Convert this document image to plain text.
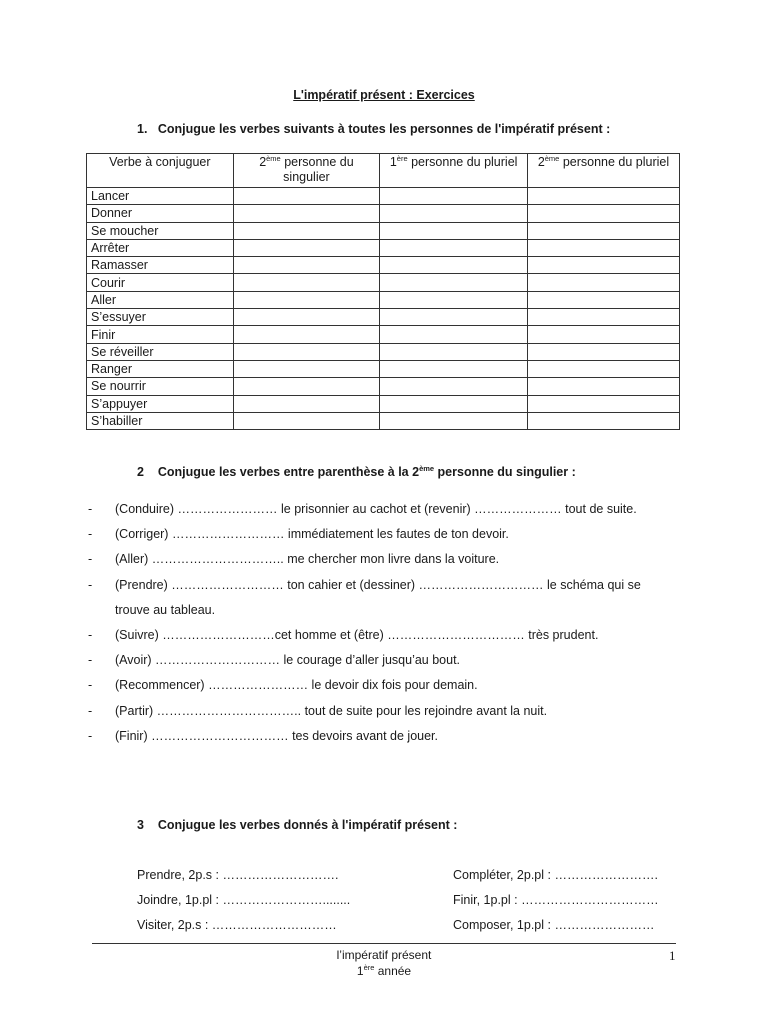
L'impératif présent : Exercices
1.   Conjugue les verbes suivants à toutes les personnes de l'impératif présent :
Verbe à conjuguer	2ème personne du singulier	1ère personne du pluriel	2ème personne du pluriel
Lancer			
Donner			
Se moucher			
Arrêter			
Ramasser			
Courir			
Aller			
S’essuyer			
Finir			
Se réveiller			
Ranger			
Se nourrir			
S’appuyer			
S’habiller			
2    Conjugue les verbes entre parenthèse à la 2ème personne du singulier :
- (Conduire) …………………… le prisonnier au cachot et (revenir) ………………… tout de suite.
- (Corriger) ……………………… immédiatement les fautes de ton devoir.
- (Aller) ………………………….. me chercher mon livre dans la voiture.
- (Prendre) ……………………… ton cahier et (dessiner) ………………………… le schéma qui se
trouve au tableau.
- (Suivre) ………………………cet homme et (être) …………………………… très prudent.
- (Avoir) ………………………… le courage d’aller jusqu’au bout.
- (Recommencer) …………………… le devoir dix fois pour demain.
- (Partir) …………………………….. tout de suite pour les rejoindre avant la nuit.
- (Finir) …………………………… tes devoirs avant de jouer.
3    Conjugue les verbes donnés à l'impératif présent :
Prendre, 2p.s : ……………………….	Compléter, 2p.pl : …………………….
Joindre, 1p.pl : ……………………........	Finir, 1p.pl : ……………………………
Visiter, 2p.s : …………………………	Composer, 1p.pl : ……………………
l’impératif présent
1ère année
1
